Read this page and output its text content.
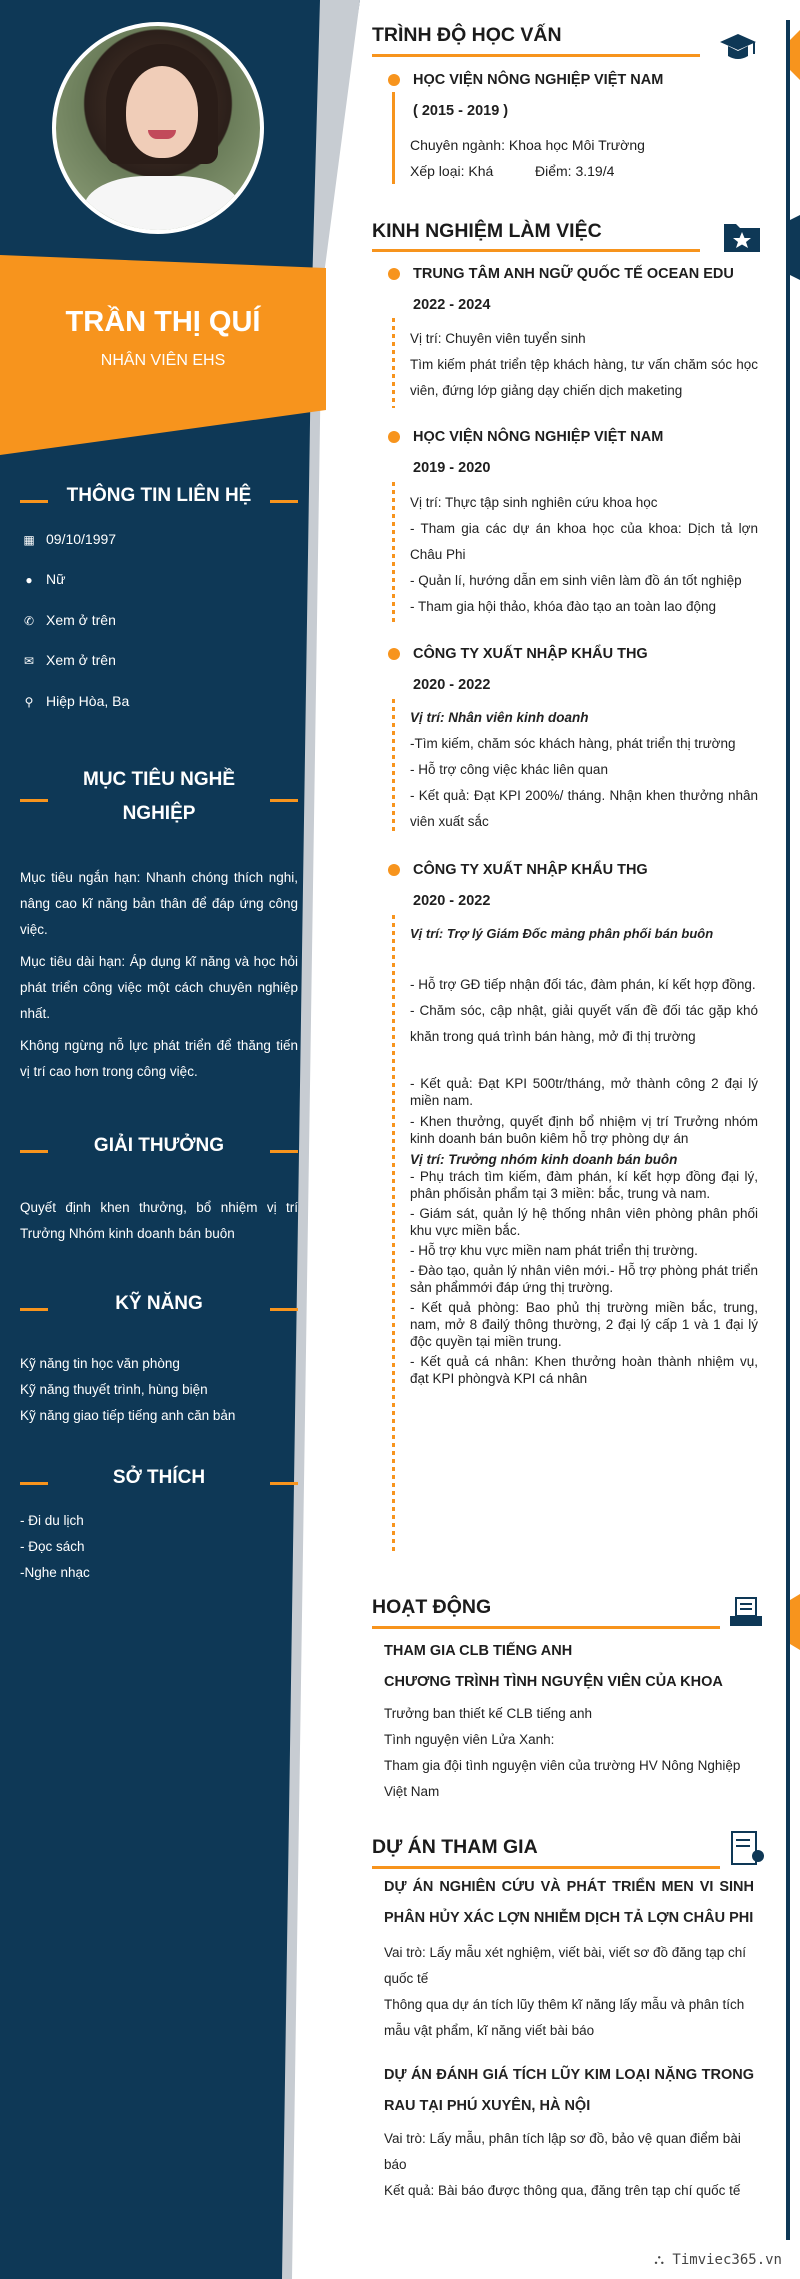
TRẦN THỊ QUÍ
NHÂN VIÊN EHS
THÔNG TIN LIÊN HỆ
▦ 09/10/1997
● Nữ
✆ Xem ở trên
✉ Xem ở trên
⚲ Hiệp Hòa, Ba
MỤC TIÊU NGHỀ
NGHIỆP
Mục tiêu ngắn hạn: Nhanh chóng thích nghi, nâng cao kĩ năng bản thân để đáp ứng công việc.
Mục tiêu dài hạn: Áp dụng kĩ năng và học hỏi phát triển công việc một cách chuyên nghiệp nhất.
Không ngừng nỗ lực phát triển để thăng tiến vị trí cao hơn trong công việc.
GIẢI THƯỞNG
Quyết định khen thưởng, bổ nhiệm vị trí Trưởng Nhóm kinh doanh bán buôn
KỸ NĂNG
Kỹ năng tin học văn phòng
Kỹ năng thuyết trình, hùng biện
Kỹ năng giao tiếp tiếng anh căn bản
SỞ THÍCH
- Đi du lịch
- Đọc sách
-Nghe nhạc
TRÌNH ĐỘ HỌC VẤN
HỌC VIỆN NÔNG NGHIỆP VIỆT NAM
( 2015 - 2019 )
Chuyên ngành: Khoa học Môi Trường
Xếp loại: Khá	Điểm: 3.19/4
KINH NGHIỆM LÀM VIỆC
TRUNG TÂM ANH NGỮ QUỐC TẾ OCEAN EDU
2022 - 2024
Vị trí: Chuyên viên tuyển sinh
Tìm kiếm phát triển tệp khách hàng, tư vấn chăm sóc học viên, đứng lớp giảng dạy chiến dịch maketing
HỌC VIỆN NÔNG NGHIỆP VIỆT NAM
2019 - 2020
Vị trí: Thực tập sinh nghiên cứu khoa học
- Tham gia các dự án khoa học của khoa: Dịch tả lợn Châu Phi
- Quản lí, hướng dẫn em sinh viên làm đồ án tốt nghiệp
- Tham gia hội thảo, khóa đào tạo an toàn lao động
CÔNG TY XUẤT NHẬP KHẨU THG
2020 - 2022
Vị trí: Nhân viên kinh doanh
-Tìm kiếm, chăm sóc khách hàng, phát triển thị trường
- Hỗ trợ công việc khác liên quan
- Kết quả: Đạt KPI 200%/ tháng. Nhận khen thưởng nhân viên xuất sắc
CÔNG TY XUẤT NHẬP KHẨU THG
2020 - 2022
Vị trí: Trợ lý Giám Đốc mảng phân phối bán buôn
- Hỗ trợ GĐ tiếp nhận đối tác, đàm phán, kí kết hợp đồng.
- Chăm sóc, cập nhật, giải quyết vấn đề đối tác gặp khó khăn trong quá trình bán hàng, mở đi thị trường
- Kết quả: Đạt KPI 500tr/tháng, mở thành công 2 đại lý miền nam.
- Khen thưởng, quyết định bổ nhiệm vị trí Trưởng nhóm kinh doanh bán buôn kiêm hỗ trợ phòng dự án
Vị trí: Trưởng nhóm kinh doanh bán buôn
- Phụ trách tìm kiếm, đàm phán, kí kết hợp đồng đại lý, phân phốisản phẩm tại 3 miền: bắc, trung và nam.
- Giám sát, quản lý hệ thống nhân viên phòng phân phối khu vực miền bắc.
- Hỗ trợ khu vực miền nam phát triển thị trường.
- Đào tạo, quản lý nhân viên mới.- Hỗ trợ phòng phát triển sản phẩmmới đáp ứng thị trường.
- Kết quả phòng: Bao phủ thị trường miền bắc, trung, nam, mở 8 đailý thông thường, 2 đại lý cấp 1 và 1 đại lý độc quyền tại miền trung.
- Kết quả cá nhân: Khen thưởng hoàn thành nhiệm vụ, đạt KPI phòngvà KPI cá nhân
HOẠT ĐỘNG
THAM GIA CLB TIẾNG ANH
CHƯƠNG TRÌNH TÌNH NGUYỆN VIÊN CỦA KHOA
Trưởng ban thiết kế CLB tiếng anh
Tình nguyện viên Lửa Xanh:
Tham gia đội tình nguyện viên của trường HV Nông Nghiệp Việt Nam
DỰ ÁN THAM GIA
DỰ ÁN NGHIÊN CỨU VÀ PHÁT TRIỂN MEN VI SINH PHÂN HỦY XÁC LỢN NHIỄM DỊCH TẢ LỢN CHÂU PHI
Vai trò: Lấy mẫu xét nghiệm, viết bài, viết sơ đồ đăng tạp chí quốc tế
Thông qua dự án tích lũy thêm kĩ năng lấy mẫu và phân tích mẫu vật phẩm, kĩ năng viết bài báo
DỰ ÁN ĐÁNH GIÁ TÍCH LŨY KIM LOẠI NẶNG TRONG RAU TẠI PHÚ XUYÊN, HÀ NỘI
Vai trò: Lấy mẫu, phân tích lập sơ đồ, bảo vệ quan điểm bài báo
Kết quả: Bài báo được thông qua, đăng trên tạp chí quốc tế
⛬ Timviec365.vn
